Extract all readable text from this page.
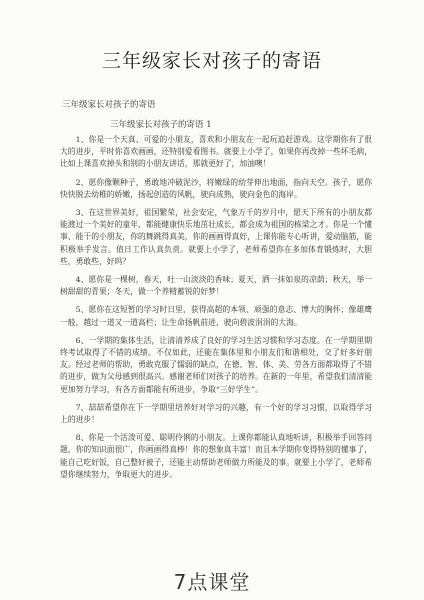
三年级家长对孩子的寄语
三年级家长对孩子的寄语
三年级家长对孩子的寄语 1

1、你是一个天真、可爱的小朋友，喜欢和小朋友在一起玩追赶游戏。这学期你有了很大的进步，平时你喜欢画画，还特别爱看图书。就要上小学了，如果你再改掉一些坏毛病，比如上课喜欢掉头和别的小朋友讲话，那就更好了，加油噢！

2、愿你像颗种子，勇敢地冲破泥沙，将嫩绿的幼芽伸出地面，指向天空。孩子，愿你快快脱去幼稚的娇嫩，扬起创造的风帆，驶向成熟，驶向金色的海岸。

3、在这世界美好，祖国繁荣，社会安定，气象万千的岁月中，愿天下所有的小朋友都能渡过一个美好的童年，都能健康快乐地茁壮成长，都会成为祖国的栋梁之才。你是一个懂事、能干的小朋友，你的舞跳得真美，你的画画得真好，上课你能专心听讲，爱动脑筋，能积极举手发言。值日工作认真负责。就要上小学了，老师希望你在多加体育锻炼时，大胆些，勇敢些，好吗？

4、愿你是一棵树，春天，吐一山淡淡的香味；夏天，洒一抹如泉的凉荫；秋天，举一树甜甜的青果；冬天，做一个养精蓄锐的好梦！

5、愿你在这短暂的学习时日里，获得高超的本领、顽强的意志、博大的胸怀；像雄鹰一般，越过一道又一道高栏；让生命扬帆前进，驶向碧波涓涓的大海。

6、一学期的集体生活，让清清养成了良好的学习生活习惯和学习态度。在一学期里期终考试取得了不错的成绩。不仅如此，还能在集体里和小朋友们和谐相处，交了好多好朋友。经过老师的帮助，勇敢克服了懦弱的缺点，在德、智、体、美、劳各方面都取得了不错的进步，做为父母感到很高兴。感谢老师们对孩子的培养。在新的一年里，希望我们清清能更加努力学习，有各方面都能有所进步，争取“三好学生”。

7、喆喆希望你在下一学期里培养好对学习的兴趣，有一个好的学习习惯，以取得学习上的进步！

8、你是一个活泼可爱、聪明伶俐的小朋友。上课你都能认真地听讲，积极举手回答问题，你的知识面很广，你画画得真棒！你的想象真丰富！而且本学期你变得特别的懂事了，能自己吃好饭，自己整好被子，还能主动帮助老师做力所能及的事。就要上小学了，老师希望你继续努力，争取更大的进步。

7点课堂
